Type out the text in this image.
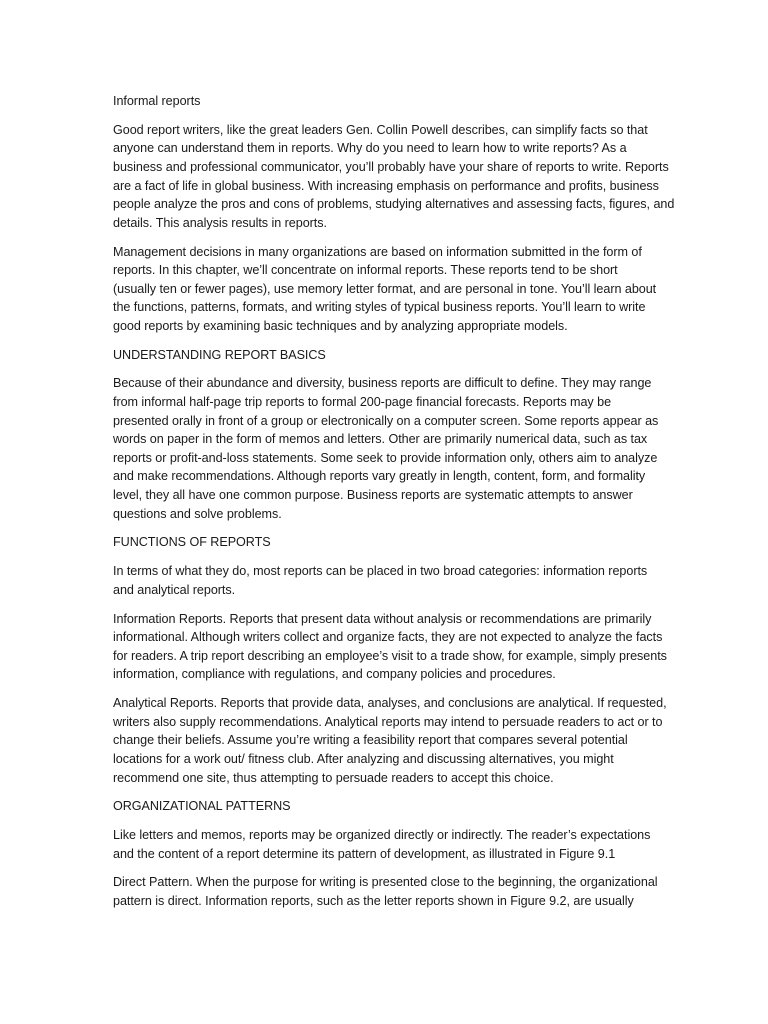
Informal reports
Good report writers, like the great leaders Gen. Collin Powell describes, can simplify facts so that
anyone can understand them in reports. Why do you need to learn how to write reports? As a
business and professional communicator, you’ll probably have your share of reports to write. Reports
are a fact of life in global business. With increasing emphasis on performance and profits, business
people analyze the pros and cons of problems, studying alternatives and assessing facts, figures, and
details. This analysis results in reports.
Management decisions in many organizations are based on information submitted in the form of
reports. In this chapter, we’ll concentrate on informal reports. These reports tend to be short
(usually ten or fewer pages), use memory letter format, and are personal in tone. You’ll learn about
the functions, patterns, formats, and writing styles of typical business reports. You’ll learn to write
good reports by examining basic techniques and by analyzing appropriate models.
UNDERSTANDING REPORT BASICS
Because of their abundance and diversity, business reports are difficult to define. They may range
from informal half-page trip reports to formal 200-page financial forecasts. Reports may be
presented orally in front of a group or electronically on a computer screen. Some reports appear as
words on paper in the form of memos and letters. Other are primarily numerical data, such as tax
reports or profit-and-loss statements. Some seek to provide information only, others aim to analyze
and make recommendations. Although reports vary greatly in length, content, form, and formality
level, they all have one common purpose. Business reports are systematic attempts to answer
questions and solve problems.
FUNCTIONS OF REPORTS
In terms of what they do, most reports can be placed in two broad categories: information reports
and analytical reports.
Information Reports. Reports that present data without analysis or recommendations are primarily
informational. Although writers collect and organize facts, they are not expected to analyze the facts
for readers. A trip report describing an employee’s visit to a trade show, for example, simply presents
information, compliance with regulations, and company policies and procedures.
Analytical Reports. Reports that provide data, analyses, and conclusions are analytical. If requested,
writers also supply recommendations. Analytical reports may intend to persuade readers to act or to
change their beliefs. Assume you’re writing a feasibility report that compares several potential
locations for a work out/ fitness club. After analyzing and discussing alternatives, you might
recommend one site, thus attempting to persuade readers to accept this choice.
ORGANIZATIONAL PATTERNS
Like letters and memos, reports may be organized directly or indirectly. The reader’s expectations
and the content of a report determine its pattern of development, as illustrated in Figure 9.1
Direct Pattern. When the purpose for writing is presented close to the beginning, the organizational
pattern is direct. Information reports, such as the letter reports shown in Figure 9.2, are usually
